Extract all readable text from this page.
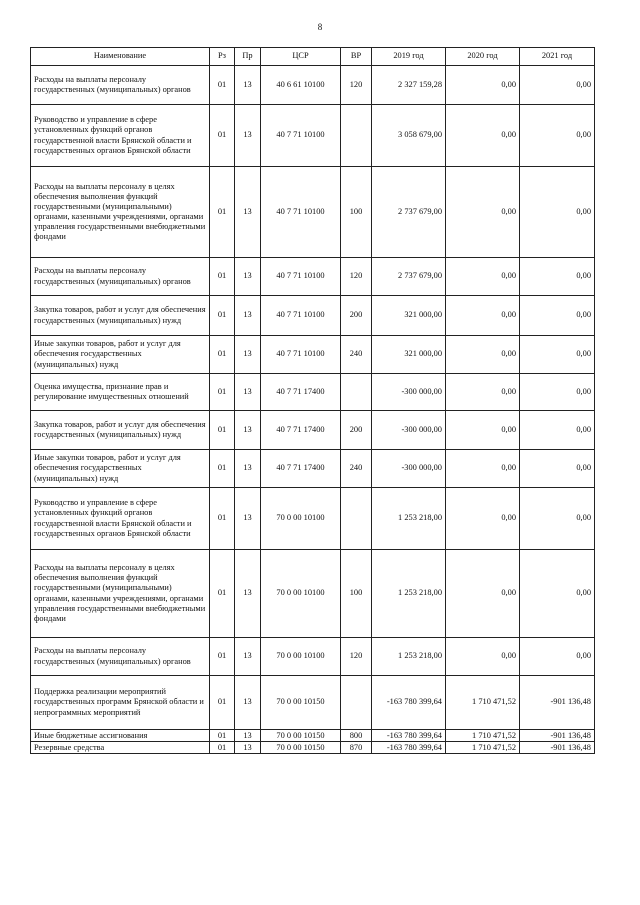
8
Наименование	Рз	Пр	ЦСР	ВР	2019 год	2020 год	2021 год
Расходы на выплаты персоналу государственных (муниципальных) органов	01	13	40 6 61 10100	120	2 327 159,28	0,00	0,00
Руководство и управление в сфере установленных функций органов государственной власти Брянской области и государственных органов Брянской области	01	13	40 7 71 10100		3 058 679,00	0,00	0,00
Расходы на выплаты персоналу в целях обеспечения выполнения функций государственными (муниципальными) органами, казенными учреждениями, органами управления государственными внебюджетными фондами	01	13	40 7 71 10100	100	2 737 679,00	0,00	0,00
Расходы на выплаты персоналу государственных (муниципальных) органов	01	13	40 7 71 10100	120	2 737 679,00	0,00	0,00
Закупка товаров, работ и услуг для обеспечения государственных (муниципальных) нужд	01	13	40 7 71 10100	200	321 000,00	0,00	0,00
Иные закупки товаров, работ и услуг для обеспечения государственных (муниципальных) нужд	01	13	40 7 71 10100	240	321 000,00	0,00	0,00
Оценка имущества, признание прав и регулирование имущественных отношений	01	13	40 7 71 17400		-300 000,00	0,00	0,00
Закупка товаров, работ и услуг для обеспечения государственных (муниципальных) нужд	01	13	40 7 71 17400	200	-300 000,00	0,00	0,00
Иные закупки товаров, работ и услуг для обеспечения государственных (муниципальных) нужд	01	13	40 7 71 17400	240	-300 000,00	0,00	0,00
Руководство и управление в сфере установленных функций органов государственной власти Брянской области и государственных органов Брянской области	01	13	70 0 00 10100		1 253 218,00	0,00	0,00
Расходы на выплаты персоналу в целях обеспечения выполнения функций государственными (муниципальными) органами, казенными учреждениями, органами управления государственными внебюджетными фондами	01	13	70 0 00 10100	100	1 253 218,00	0,00	0,00
Расходы на выплаты персоналу государственных (муниципальных) органов	01	13	70 0 00 10100	120	1 253 218,00	0,00	0,00
Поддержка реализации мероприятий государственных программ Брянской области и непрограммных мероприятий	01	13	70 0 00 10150		-163 780 399,64	1 710 471,52	-901 136,48
Иные бюджетные ассигнования	01	13	70 0 00 10150	800	-163 780 399,64	1 710 471,52	-901 136,48
Резервные средства	01	13	70 0 00 10150	870	-163 780 399,64	1 710 471,52	-901 136,48
